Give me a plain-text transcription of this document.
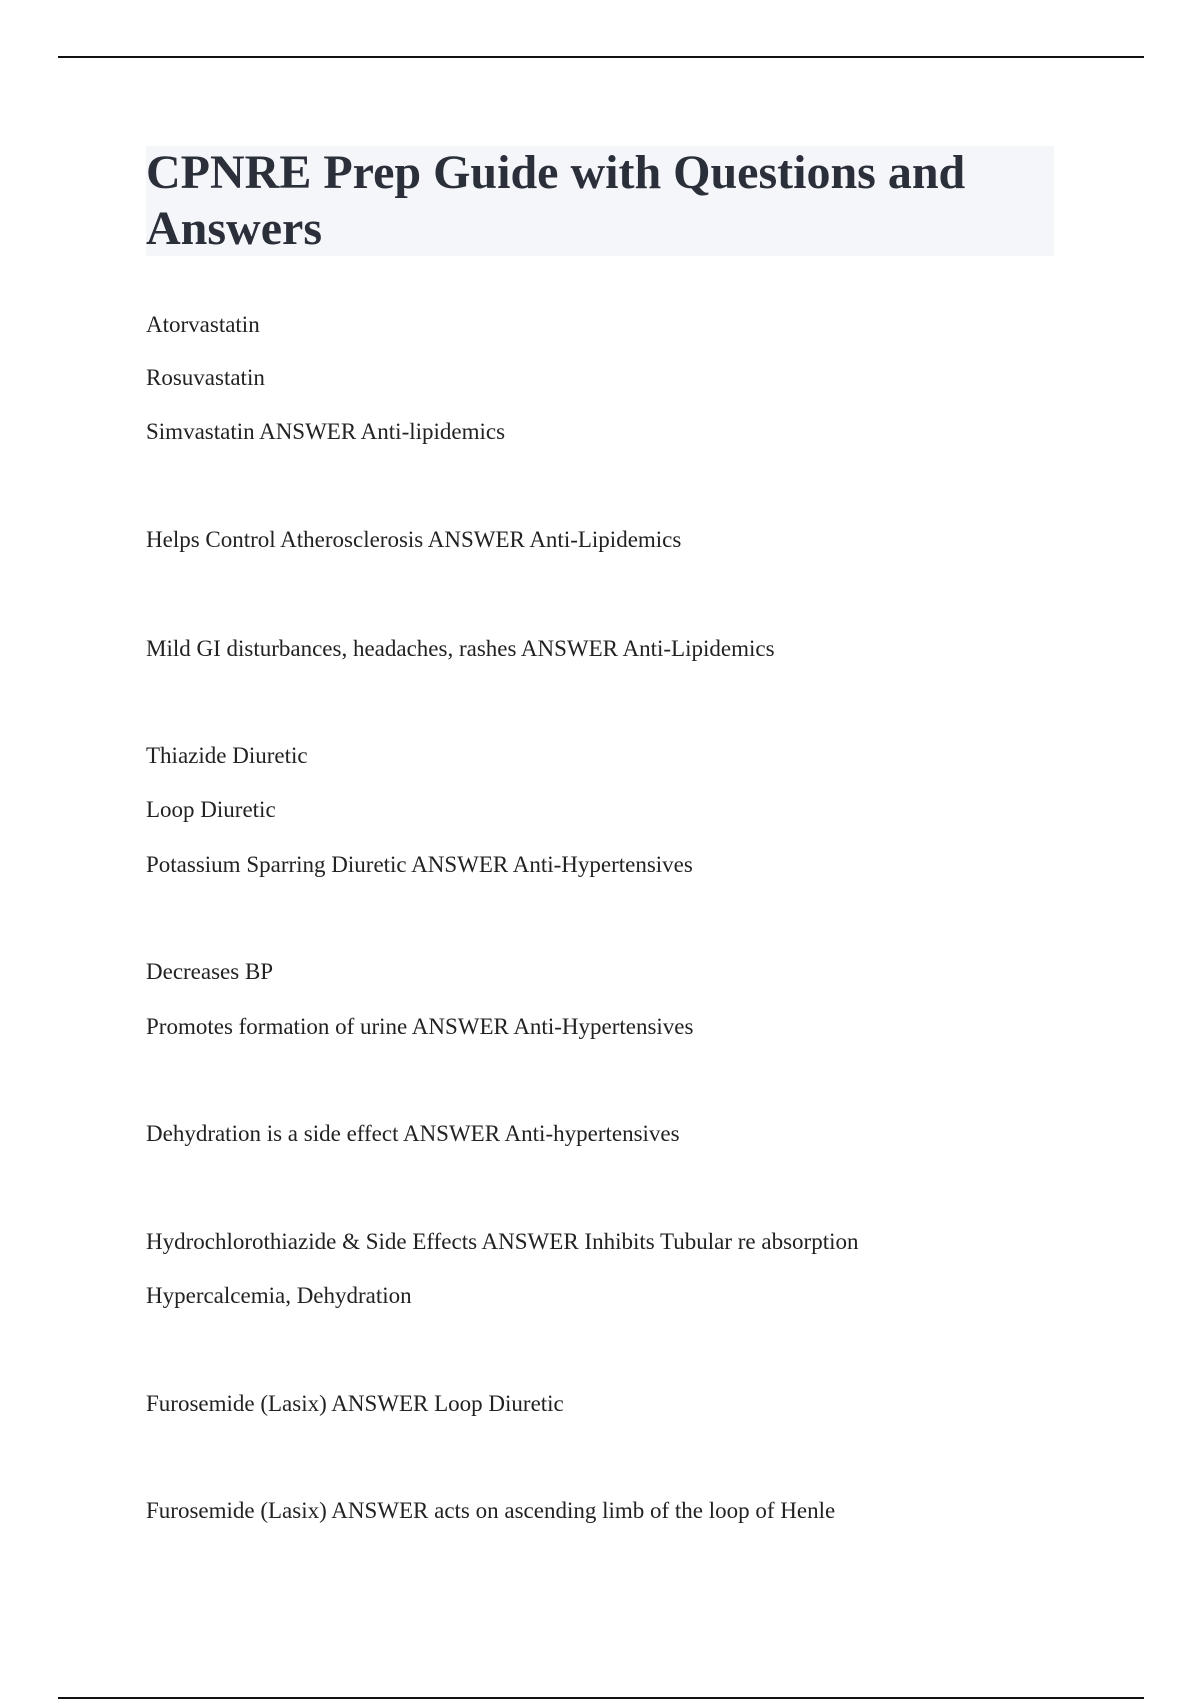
CPNRE Prep Guide with Questions and Answers

Atorvastatin

Rosuvastatin

Simvastatin ANSWER Anti-lipidemics

Helps Control Atherosclerosis ANSWER Anti-Lipidemics

Mild GI disturbances, headaches, rashes ANSWER Anti-Lipidemics

Thiazide Diuretic

Loop Diuretic

Potassium Sparring Diuretic ANSWER Anti-Hypertensives

Decreases BP

Promotes formation of urine ANSWER Anti-Hypertensives

Dehydration is a side effect ANSWER Anti-hypertensives

Hydrochlorothiazide & Side Effects ANSWER Inhibits Tubular re absorption

Hypercalcemia, Dehydration

Furosemide (Lasix) ANSWER Loop Diuretic

Furosemide (Lasix) ANSWER acts on ascending limb of the loop of Henle
